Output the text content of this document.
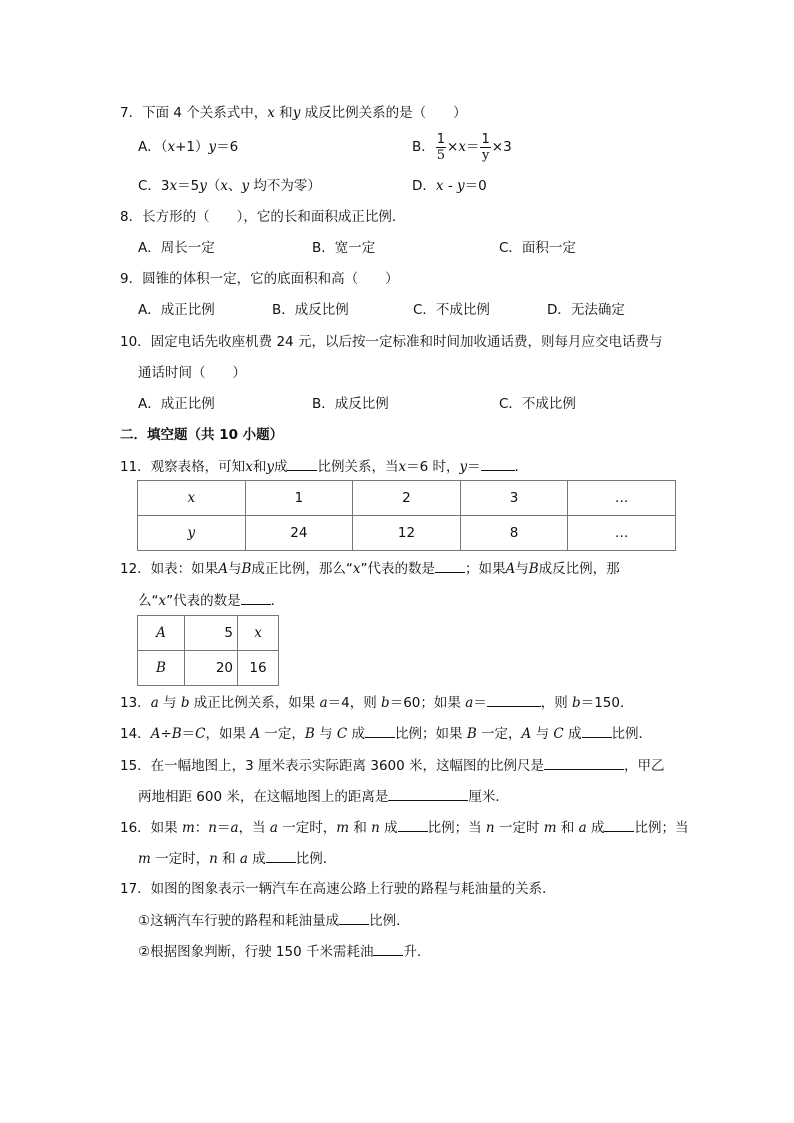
7．下面 4 个关系式中，x 和y 成反比例关系的是（　　）
A．（x+1）y＝6	B． $\frac{1}{5} \times x= \frac{1}{y} \times 3$
C．3x＝5y（x、y 均不为零）	D．x - y＝0
8．长方形的（　　），它的长和面积成正比例．
A．周长一定	B．宽一定	C．面积一定
9．圆锥的体积一定，它的底面积和高（　　）
A．成正比例	B．成反比例	C．不成比例	D．无法确定
10．固定电话先收座机费 24 元，以后按一定标准和时间加收通话费，则每月应交电话费与
通话时间（　　）
A．成正比例	B．成反比例	C．不成比例
二．填空题（共 10 小题）
11．观察表格，可知x和y成 比例关系，当x＝6 时，y＝	．
x	1	2	3	…
y	24	12	8	…
12．如表：如果A与B成正比例，那么“x”代表的数是 ；如果A与B成反比例，那
么“x”代表的数是 ．
A	5	x
B	20	16
13．a 与 b 成正比例关系，如果 a＝4，则 b＝60；如果 a＝	，则 b＝150．
14．A÷B＝C，如果 A 一定，B 与 C 成 比例；如果 B 一定，A 与 C 成 比例．
15．在一幅地图上，3 厘米表示实际距离 3600 米，这幅图的比例尺是	，甲乙
两地相距 600 米，在这幅地图上的距离是	厘米．
16．如果 m：n＝a，当 a 一定时，m 和 n 成 比例；当 n 一定时 m 和 a 成 比例；当
m 一定时，n 和 a 成 比例．
17．如图的图象表示一辆汽车在高速公路上行驶的路程与耗油量的关系．
①这辆汽车行驶的路程和耗油量成 比例．
②根据图象判断，行驶 150 千米需耗油 升．
